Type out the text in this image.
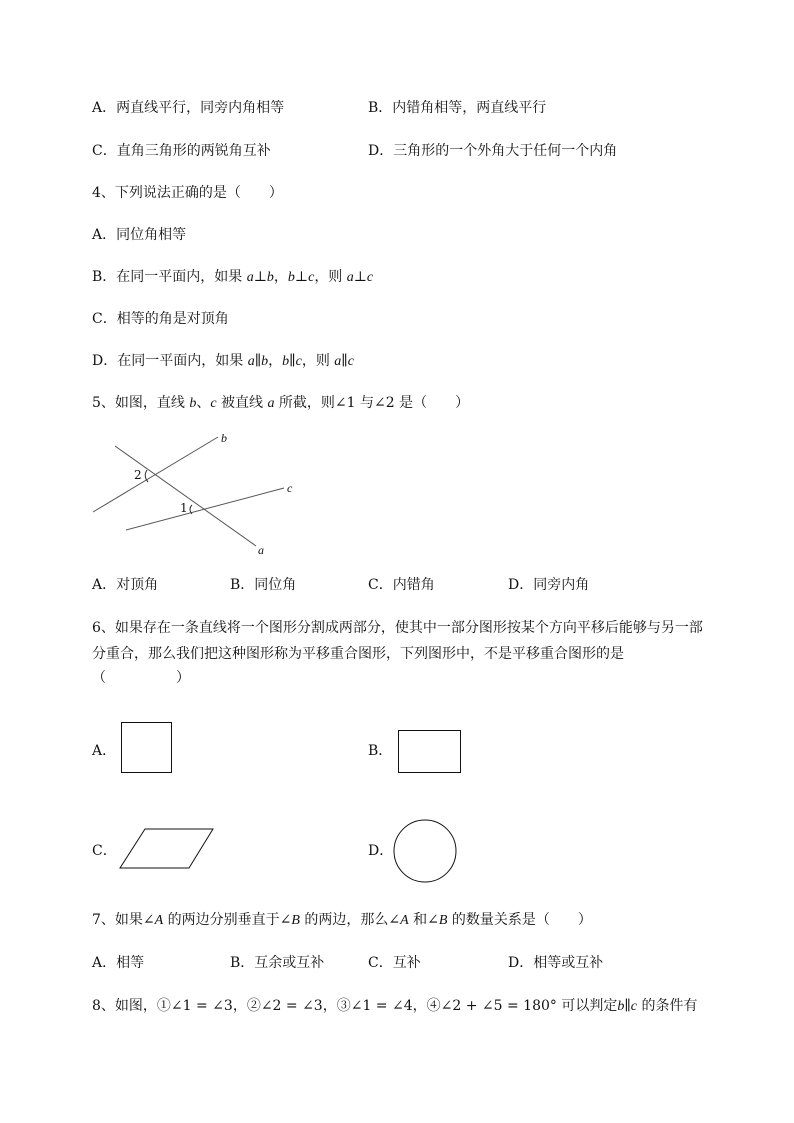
A．两直线平行，同旁内角相等	B．内错角相等，两直线平行
C．直角三角形的两锐角互补	D．三角形的一个外角大于任何一个内角
4、下列说法正确的是（　　）
A．同位角相等
B．在同一平面内，如果 a⊥b，b⊥c，则 a⊥c
C．相等的角是对顶角
D．在同一平面内，如果 a∥b，b∥c，则 a∥c
5、如图，直线 b、c 被直线 a 所截，则∠1 与∠2 是（　　）
b
c
a
2
1
A．对顶角	B．同位角	C．内错角	D．同旁内角
6、如果存在一条直线将一个图形分割成两部分，使其中一部分图形按某个方向平移后能够与另一部
分重合，那么我们把这种图形称为平移重合图形，下列图形中，不是平移重合图形的是
（　　　　　）
A．	B．
C．	D．
7、如果∠A 的两边分别垂直于∠B 的两边，那么∠A 和∠B 的数量关系是（　　）
A．相等	B．互余或互补	C．互补	D．相等或互补
8、如图，①∠1 = ∠3，②∠2 = ∠3，③∠1 = ∠4，④∠2 + ∠5 = 180° 可以判定b∥c 的条件有
